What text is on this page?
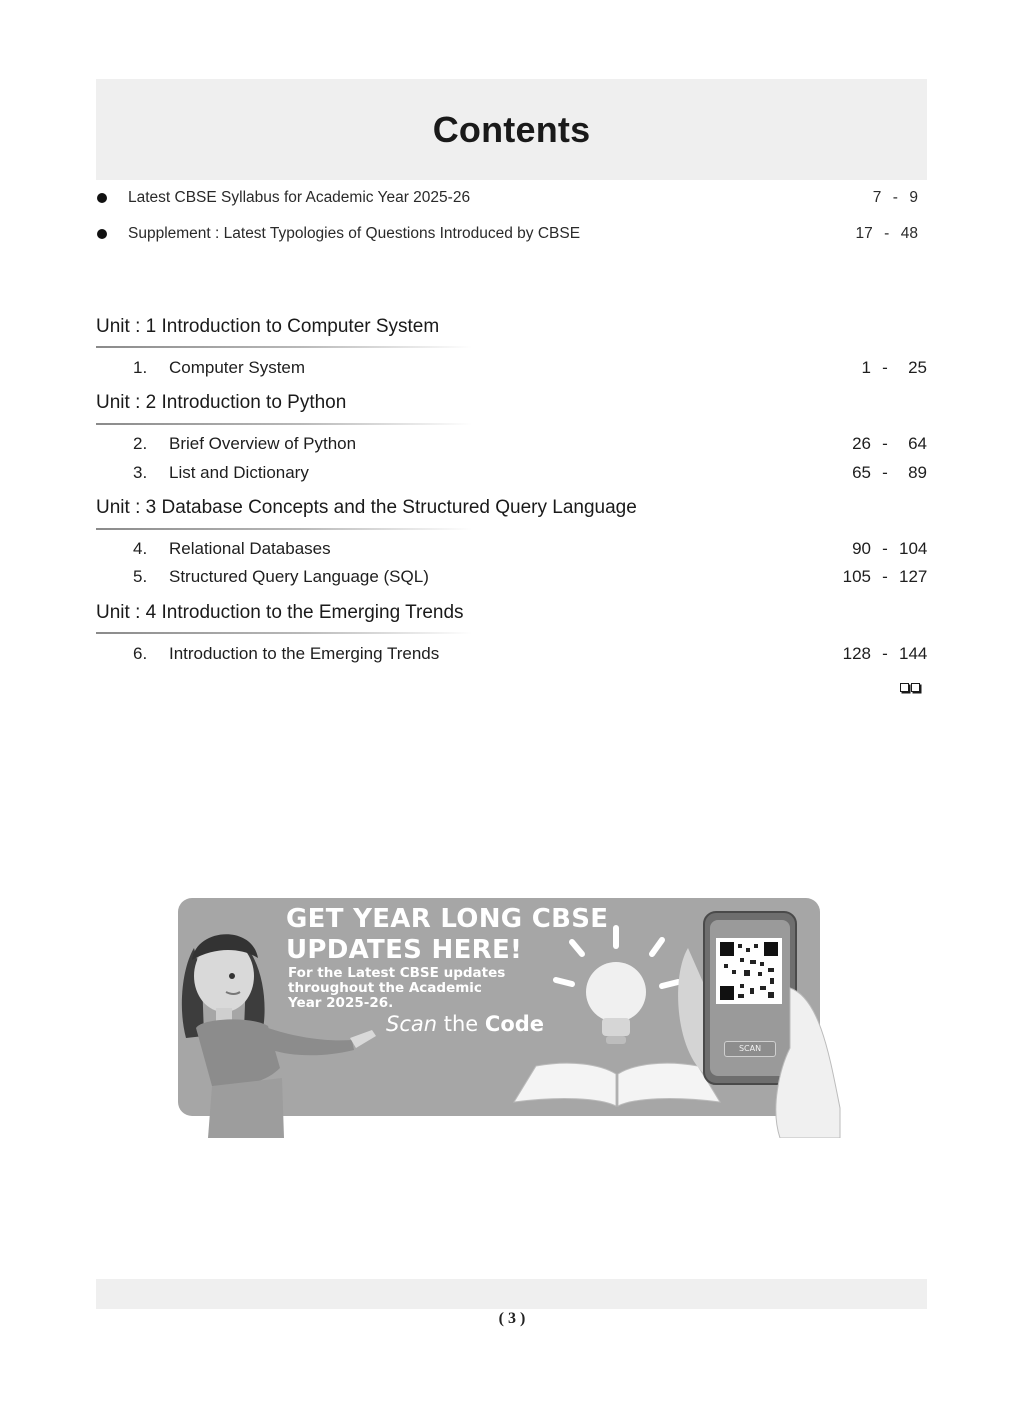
Contents
Latest CBSE Syllabus for Academic Year 2025-26	7 - 9
Supplement : Latest Typologies of Questions Introduced by CBSE	17 - 48
Unit : 1 Introduction to Computer System
1.	Computer System	1 -	25
Unit : 2 Introduction to Python
2.	Brief Overview of Python	26 -	64
3.	List and Dictionary	65 -	89
Unit : 3 Database Concepts and the Structured Query Language
4.	Relational Databases	90 - 104
5.	Structured Query Language (SQL)	105 - 127
Unit : 4 Introduction to the Emerging Trends
6.	Introduction to the Emerging Trends	128 - 144
GET YEAR LONG CBSE
UPDATES HERE!
For the Latest CBSE updates
throughout the Academic
Year 2025-26.
Scan the Code
SCAN
( 3 )
